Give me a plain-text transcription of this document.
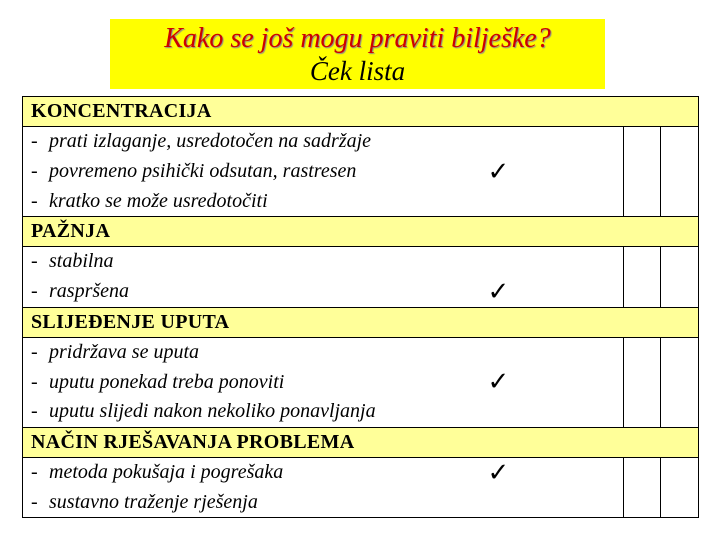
Kako se još mogu praviti bilješke?
Ček lista
KONCENTRACIJA			
- prati izlaganje, usredotočen na sadržaje			
- povremeno psihički odsutan, rastresen	✓		
- kratko se može usredotočiti			
PAŽNJA			
- stabilna			
- raspršena	✓		
SLIJEĐENJE UPUTA			
- pridržava se uputa			
- uputu ponekad treba ponoviti	✓		
- uputu slijedi nakon nekoliko ponavljanja			
NAČIN RJEŠAVANJA PROBLEMA			
- metoda pokušaja i pogrešaka	✓		
- sustavno traženje rješenja			
